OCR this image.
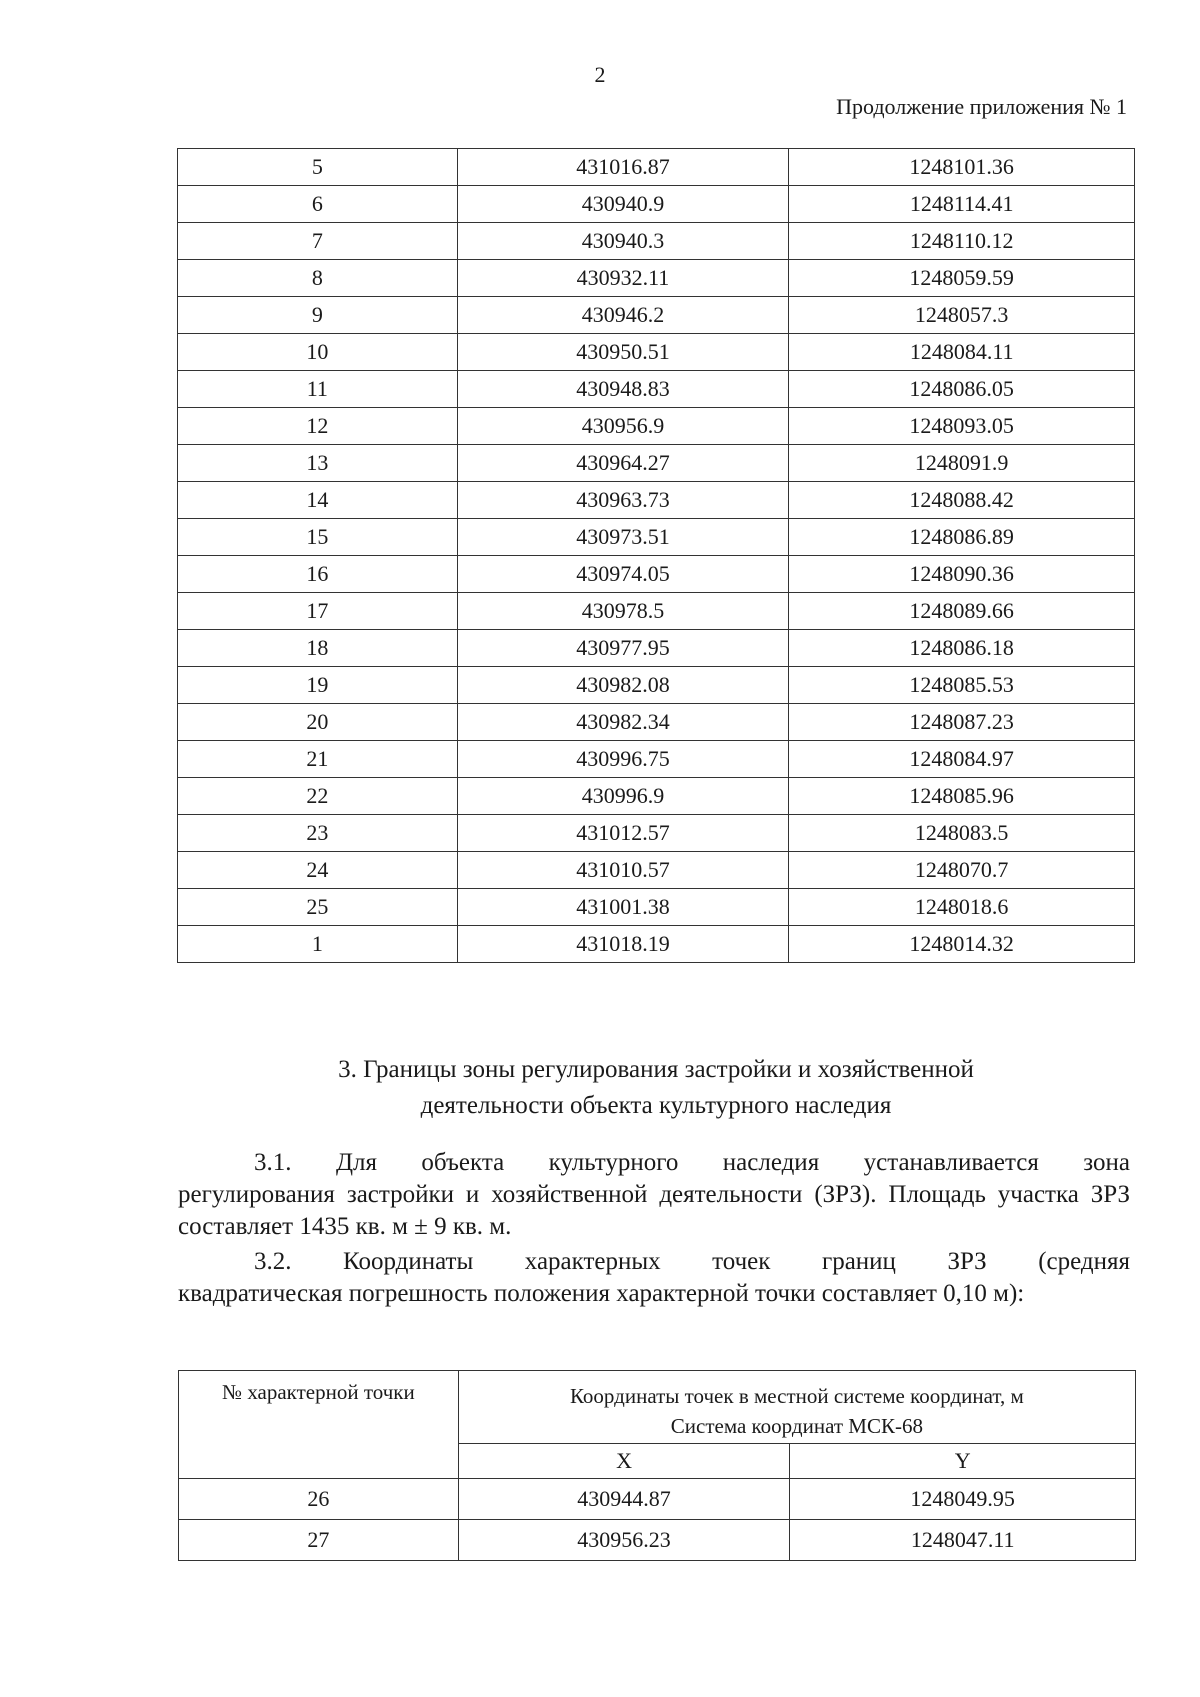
2
Продолжение приложения № 1
5	431016.87	1248101.36
6	430940.9	1248114.41
7	430940.3	1248110.12
8	430932.11	1248059.59
9	430946.2	1248057.3
10	430950.51	1248084.11
11	430948.83	1248086.05
12	430956.9	1248093.05
13	430964.27	1248091.9
14	430963.73	1248088.42
15	430973.51	1248086.89
16	430974.05	1248090.36
17	430978.5	1248089.66
18	430977.95	1248086.18
19	430982.08	1248085.53
20	430982.34	1248087.23
21	430996.75	1248084.97
22	430996.9	1248085.96
23	431012.57	1248083.5
24	431010.57	1248070.7
25	431001.38	1248018.6
1	431018.19	1248014.32
3. Границы зоны регулирования застройки и хозяйственной
деятельности объекта культурного наследия
3.1. Для объекта культурного наследия устанавливается зона
регулирования застройки и хозяйственной деятельности (ЗРЗ). Площадь участка ЗРЗ составляет 1435 кв. м ± 9 кв. м.
3.2. Координаты характерных точек границ ЗРЗ (средняя
квадратическая погрешность положения характерной точки составляет 0,10 м):
№ характерной точки	Координаты точек в местной системе координат, м
Система координат МСК-68	

	X	Y
26	430944.87	1248049.95
27	430956.23	1248047.11
